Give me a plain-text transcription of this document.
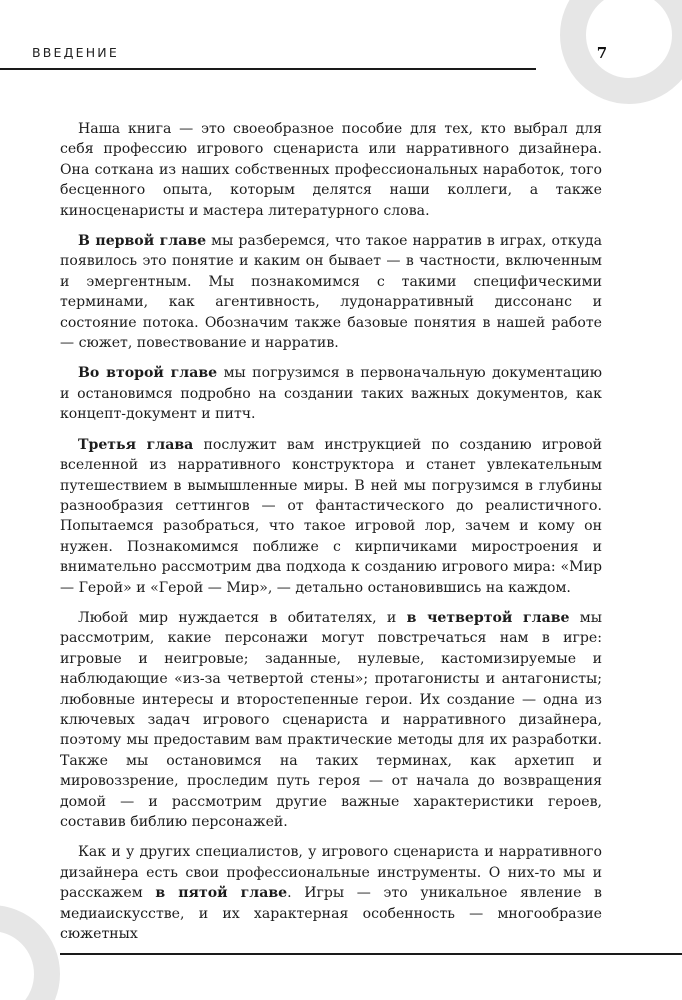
ВВЕДЕНИЕ	7

Наша книга — это своеобразное пособие для тех, кто выбрал для себя профессию игрового сценариста или нарративного дизайнера. Она соткана из наших собственных профессиональных наработок, того бесценного опыта, которым делятся наши коллеги, а также киносценаристы и мастера литературного слова.

В первой главе мы разберемся, что такое нарратив в играх, откуда появилось это понятие и каким он бывает — в частности, включенным и эмергентным. Мы познакомимся с такими специфическими терминами, как агентивность, лудонарративный диссонанс и состояние потока. Обозначим также базовые понятия в нашей работе — сюжет, повествование и нарратив.

Во второй главе мы погрузимся в первоначальную документацию и остановимся подробно на создании таких важных документов, как концепт-документ и питч.

Третья глава послужит вам инструкцией по созданию игровой вселенной из нарративного конструктора и станет увлекательным путешествием в вымышленные миры. В ней мы погрузимся в глубины разнообразия сеттингов — от фантастического до реалистичного. Попытаемся разобраться, что такое игровой лор, зачем и кому он нужен. Познакомимся поближе с кирпичиками миростроения и внимательно рассмотрим два подхода к созданию игрового мира: «Мир — Герой» и «Герой — Мир», — детально остановившись на каждом.

Любой мир нуждается в обитателях, и в четвертой главе мы рассмотрим, какие персонажи могут повстречаться нам в игре: игровые и неигровые; заданные, нулевые, кастомизируемые и наблюдающие «из-за четвертой стены»; протагонисты и антагонисты; любовные интересы и второстепенные герои. Их создание — одна из ключевых задач игрового сценариста и нарративного дизайнера, поэтому мы предоставим вам практические методы для их разработки. Также мы остановимся на таких терминах, как архетип и мировоззрение, проследим путь героя — от начала до возвращения домой — и рассмотрим другие важные характеристики героев, составив библию персонажей.

Как и у других специалистов, у игрового сценариста и нарративного дизайнера есть свои профессиональные инструменты. О них-то мы и расскажем в пятой главе. Игры — это уникальное явление в медиаискусстве, и их характерная особенность — многообразие сюжетных
